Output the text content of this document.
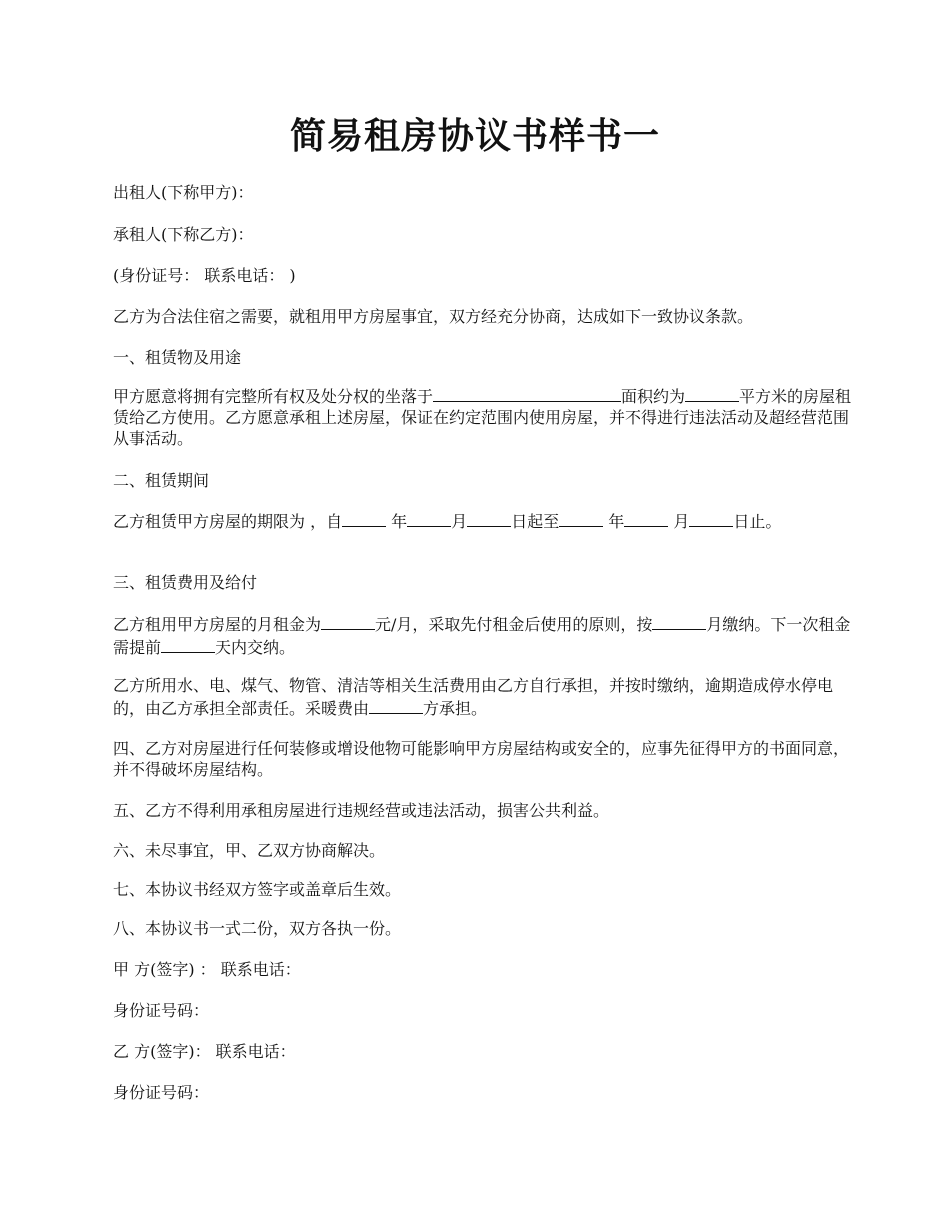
简易租房协议书样书一

出租人(下称甲方)：

承租人(下称乙方)：

(身份证号： 联系电话： )

乙方为合法住宿之需要，就租用甲方房屋事宜，双方经充分协商，达成如下一致协议条款。

一、租赁物及用途

甲方愿意将拥有完整所有权及处分权的坐落于	面积约为	平方米的房屋租赁给乙方使用。乙方愿意承租上述房屋，保证在约定范围内使用房屋，并不得进行违法活动及超经营范围从事活动。

二、租赁期间

乙方租赁甲方房屋的期限为 ，自	年	月	日起至	年	月	日止。

三、租赁费用及给付

乙方租用甲方房屋的月租金为	元/月，采取先付租金后使用的原则，按	月缴纳。下一次租金需提前	天内交纳。

乙方所用水、电、煤气、物管、清洁等相关生活费用由乙方自行承担，并按时缴纳，逾期造成停水停电的，由乙方承担全部责任。采暖费由	方承担。

四、乙方对房屋进行任何装修或增设他物可能影响甲方房屋结构或安全的，应事先征得甲方的书面同意，并不得破坏房屋结构。

五、乙方不得利用承租房屋进行违规经营或违法活动，损害公共利益。

六、未尽事宜，甲、乙双方协商解决。

七、本协议书经双方签字或盖章后生效。

八、本协议书一式二份，双方各执一份。

甲 方(签字) ： 联系电话：

身份证号码：

乙 方(签字)： 联系电话：

身份证号码：
